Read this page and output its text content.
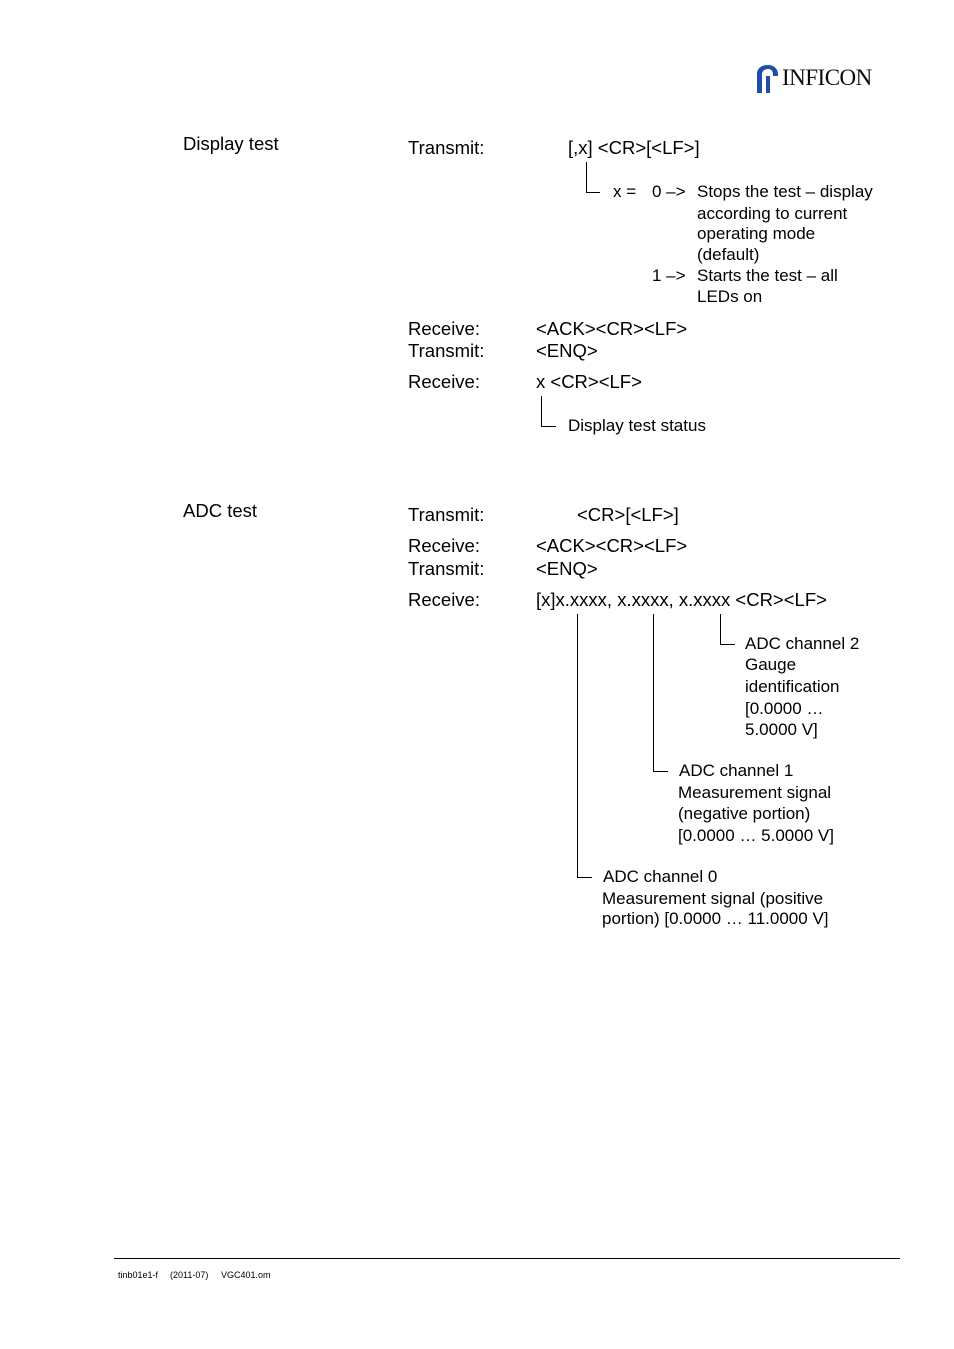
INFICON
Display test	Transmit:	[,x] <CR>[<LF>]
x = 0 –> Stops the test – display
according to current
operating mode
(default)
1 –> Starts the test – all
LEDs on
Receive:	<ACK><CR><LF>
Transmit:	<ENQ>
Receive:	x <CR><LF>
Display test status
ADC test	Transmit:	<CR>[<LF>]
Receive:	<ACK><CR><LF>
Transmit:	<ENQ>
Receive:	[x]x.xxxx, x.xxxx, x.xxxx <CR><LF>
ADC channel 2
Gauge
identification
[0.0000 …
5.0000 V]
ADC channel 1
Measurement signal
(negative portion)
[0.0000 … 5.0000 V]
ADC channel 0
Measurement signal (positive
portion) [0.0000 … 11.0000 V]
tinb01e1-f (2011-07) VGC401.om
